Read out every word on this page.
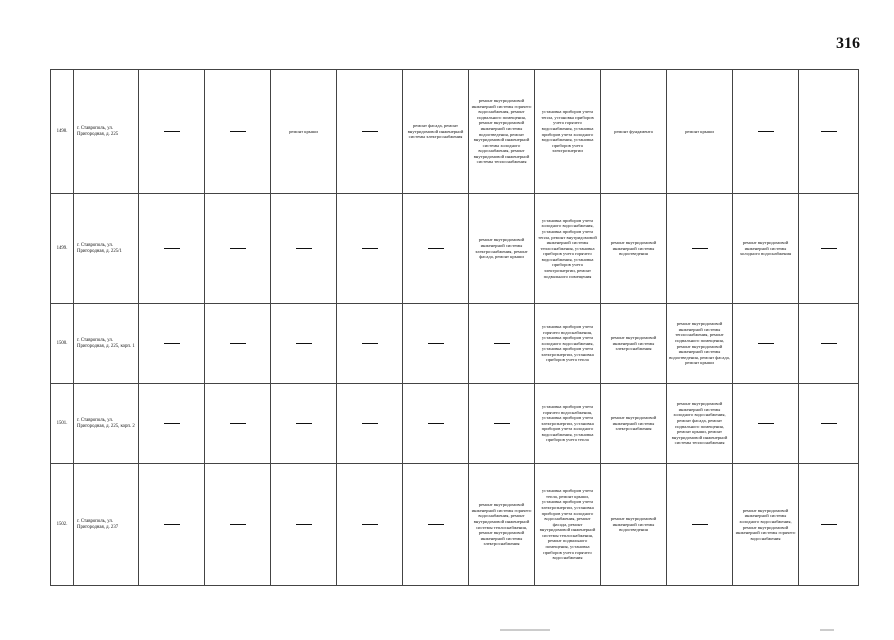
316
1498.	г. Ставрополь, ул. Пригородная, д. 225			ремонт крыши		ремонт фасада, ремонт внутридомовой инженерной системы электроснабжения	ремонт внутридомовой инженерной системы горячего водоснабжения, ремонт подвального помещения, ремонт внутридомовой инженерной системы водоотведения, ремонт внутридомовой инженерной системы холодного водоснабжения, ремонт внутридомовой инженерной системы теплоснабжения	установка приборов учета тепла, установка приборов учета горячего водоснабжения, установка приборов учета холодного водоснабжения, установка приборов учета электроэнергии	ремонт фундамента	ремонт крыши		
1499.	г. Ставрополь, ул. Пригородная, д. 225/1						ремонт внутридомовой инженерной системы электроснабжения, ремонт фасада, ремонт крыши	установка приборов учета холодного водоснабжения, установка приборов учета тепла, ремонт внутридомовой инженерной системы теплоснабжения, установка приборов учета горячего водоснабжения, установка приборов учета электроэнергии, ремонт подвального помещения	ремонт внутридомовой инженерной системы водоотведения		ремонт внутридомовой инженерной системы холодного водоснабжения	
1500.	г. Ставрополь, ул. Пригородная, д. 225, корп. 1							установка приборов учета горячего водоснабжения, установка приборов учета холодного водоснабжения, установка приборов учета электроэнергии, установка приборов учета тепла	ремонт внутридомовой инженерной системы электроснабжения	ремонт внутридомовой инженерной системы теплоснабжения, ремонт подвального помещения, ремонт внутридомовой инженерной системы водоотведения, ремонт фасада, ремонт крыши		
1501.	г. Ставрополь, ул. Пригородная, д. 225, корп. 2							установка приборов учета горячего водоснабжения, установка приборов учета электроэнергии, установка приборов учета холодного водоснабжения, установка приборов учета тепла	ремонт внутридомовой инженерной системы электроснабжения	ремонт внутридомовой инженерной системы холодного водоснабжения, ремонт фасада, ремонт подвального помещения, ремонт крыши, ремонт внутридомовой инженерной системы теплоснабжения		
1502.	г. Ставрополь, ул. Пригородная, д. 237						ремонт внутридомовой инженерной системы горячего водоснабжения, ремонт внутридомовой инженерной системы теплоснабжения, ремонт внутридомовой инженерной системы электроснабжения	установка приборов учета тепла, ремонт крыши, установка приборов учета электроэнергии, установка приборов учета холодного водоснабжения, ремонт фасада, ремонт внутридомовой инженерной системы теплоснабжения, ремонт подвального помещения, установка приборов учета горячего водоснабжения	ремонт внутридомовой инженерной системы водоотведения		ремонт внутридомовой инженерной системы холодного водоснабжения, ремонт внутридомовой инженерной системы горячего водоснабжения	
